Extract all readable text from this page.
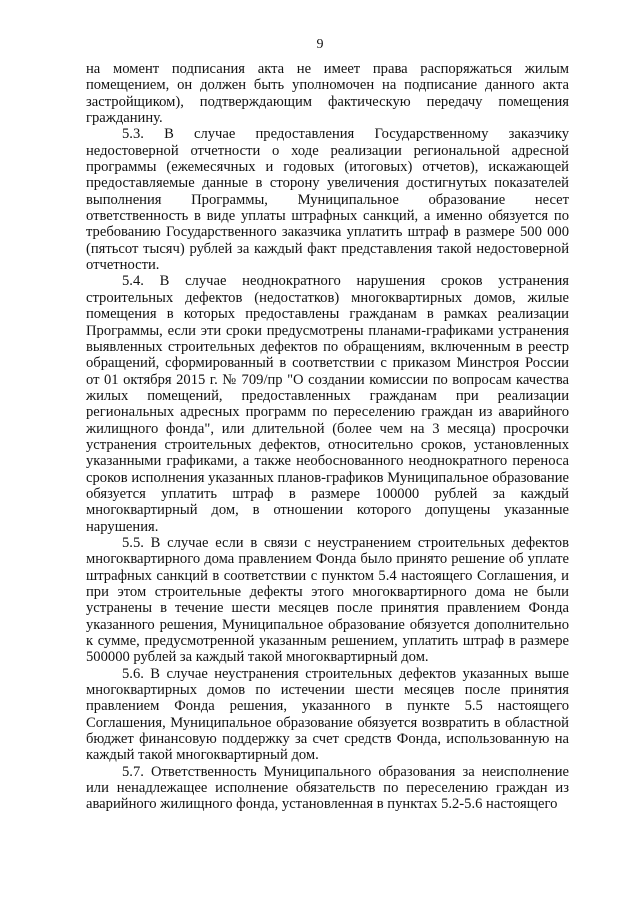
9

на момент подписания акта не имеет права распоряжаться жилым помещением, он должен быть уполномочен на подписание данного акта застройщиком), подтверждающим фактическую передачу помещения гражданину.

5.3. В случае предоставления Государственному заказчику недостоверной отчетности о ходе реализации региональной адресной программы (ежемесячных и годовых (итоговых) отчетов), искажающей предоставляемые данные в сторону увеличения достигнутых показателей выполнения Программы, Муниципальное образование несет ответственность в виде уплаты штрафных санкций, а именно обязуется по требованию Государственного заказчика уплатить штраф в размере 500 000 (пятьсот тысяч) рублей за каждый факт представления такой недостоверной отчетности.

5.4. В случае неоднократного нарушения сроков устранения строительных дефектов (недостатков) многоквартирных домов, жилые помещения в которых предоставлены гражданам в рамках реализации Программы, если эти сроки предусмотрены планами-графиками устранения выявленных строительных дефектов по обращениям, включенным в реестр обращений, сформированный в соответствии с приказом Минстроя России от 01 октября 2015 г. № 709/пр "О создании комиссии по вопросам качества жилых помещений, предоставленных гражданам при реализации региональных адресных программ по переселению граждан из аварийного жилищного фонда", или длительной (более чем на 3 месяца) просрочки устранения строительных дефектов, относительно сроков, установленных указанными графиками, а также необоснованного неоднократного переноса сроков исполнения указанных планов-графиков Муниципальное образование обязуется уплатить штраф в размере 100000 рублей за каждый многоквартирный дом, в отношении которого допущены указанные нарушения.

5.5. В случае если в связи с неустранением строительных дефектов многоквартирного дома правлением Фонда было принято решение об уплате штрафных санкций в соответствии с пунктом 5.4 настоящего Соглашения, и при этом строительные дефекты этого многоквартирного дома не были устранены в течение шести месяцев после принятия правлением Фонда указанного решения, Муниципальное образование обязуется дополнительно к сумме, предусмотренной указанным решением, уплатить штраф в размере 500000 рублей за каждый такой многоквартирный дом.

5.6. В случае неустранения строительных дефектов указанных выше многоквартирных домов по истечении шести месяцев после принятия правлением Фонда решения, указанного в пункте 5.5 настоящего Соглашения, Муниципальное образование обязуется возвратить в областной бюджет финансовую поддержку за счет средств Фонда, использованную на каждый такой многоквартирный дом.

5.7. Ответственность Муниципального образования за неисполнение или ненадлежащее исполнение обязательств по переселению граждан из аварийного жилищного фонда, установленная в пунктах 5.2-5.6 настоящего
